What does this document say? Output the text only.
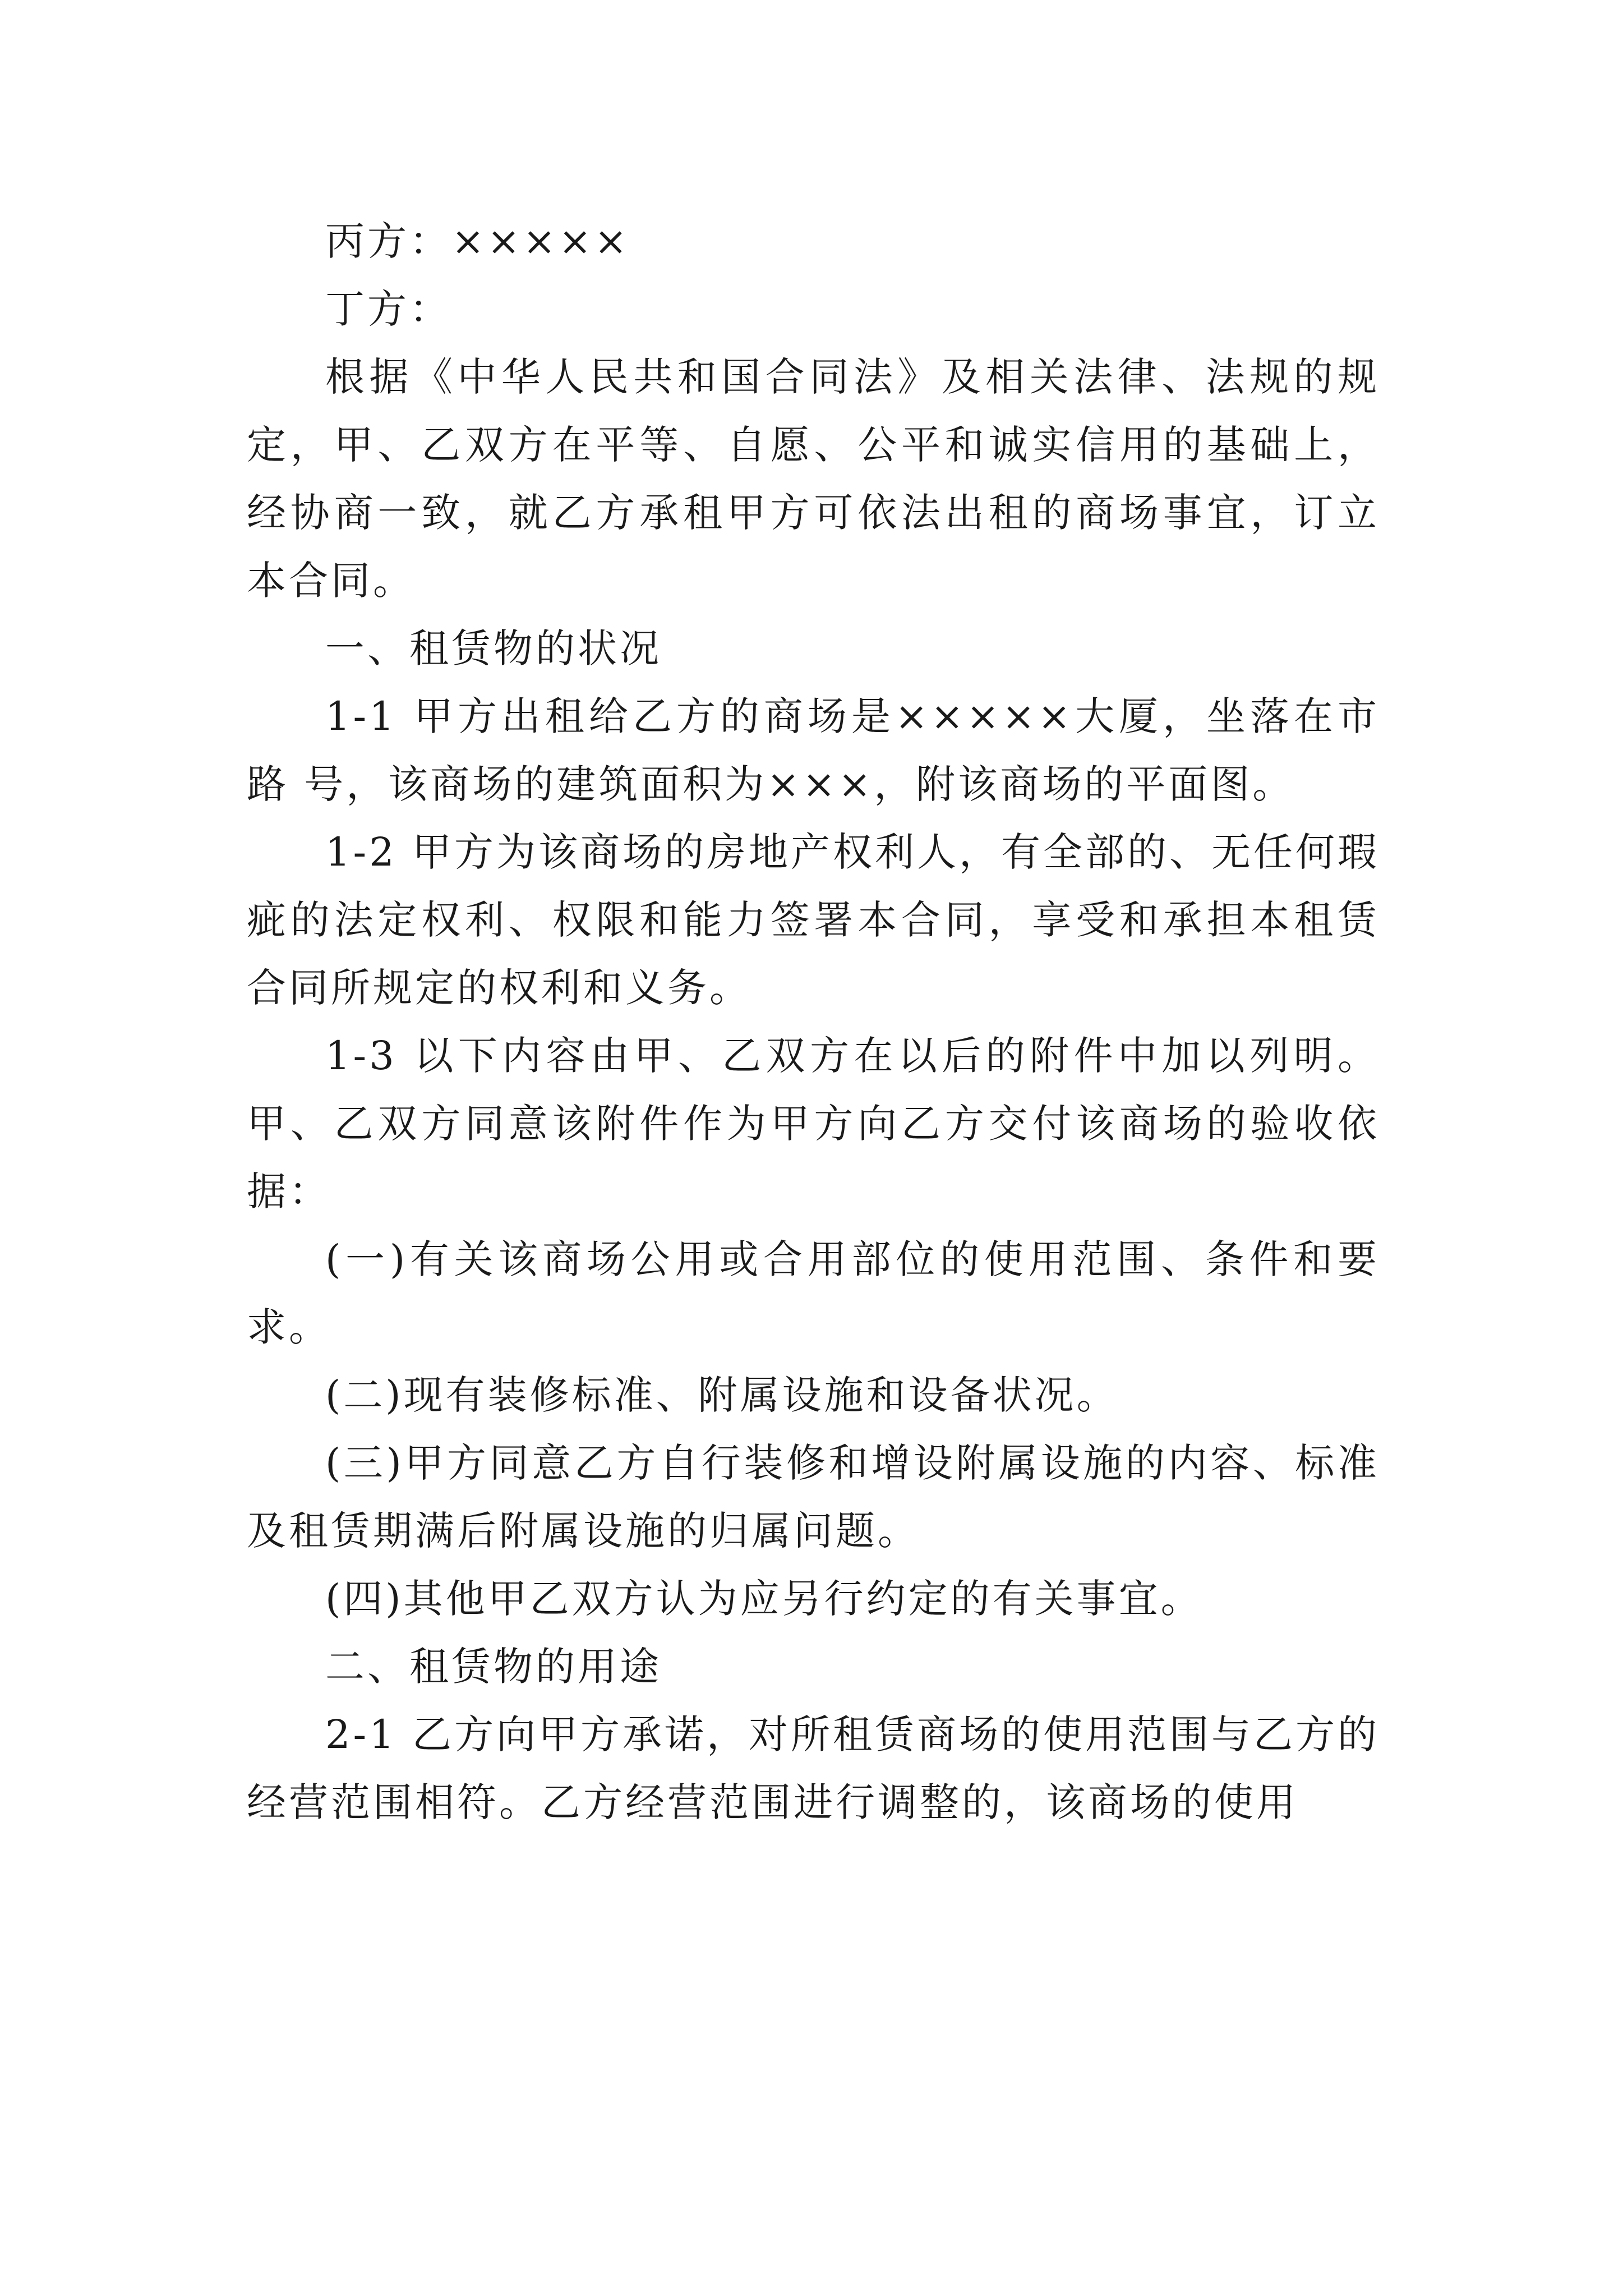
丙方：×××××

丁方：

根据《中华人民共和国合同法》及相关法律、法规的规定，甲、乙双方在平等、自愿、公平和诚实信用的基础上，经协商一致，就乙方承租甲方可依法出租的商场事宜，订立本合同。

一、租赁物的状况

1-1 甲方出租给乙方的商场是×××××大厦，坐落在市 路 号，该商场的建筑面积为×××，附该商场的平面图。

1-2 甲方为该商场的房地产权利人，有全部的、无任何瑕疵的法定权利、权限和能力签署本合同，享受和承担本租赁合同所规定的权利和义务。

1-3 以下内容由甲、乙双方在以后的附件中加以列明。甲、乙双方同意该附件作为甲方向乙方交付该商场的验收依据：

(一)有关该商场公用或合用部位的使用范围、条件和要求。

(二)现有装修标准、附属设施和设备状况。

(三)甲方同意乙方自行装修和增设附属设施的内容、标准及租赁期满后附属设施的归属问题。

(四)其他甲乙双方认为应另行约定的有关事宜。

二、租赁物的用途

2-1 乙方向甲方承诺，对所租赁商场的使用范围与乙方的经营范围相符。乙方经营范围进行调整的，该商场的使用
